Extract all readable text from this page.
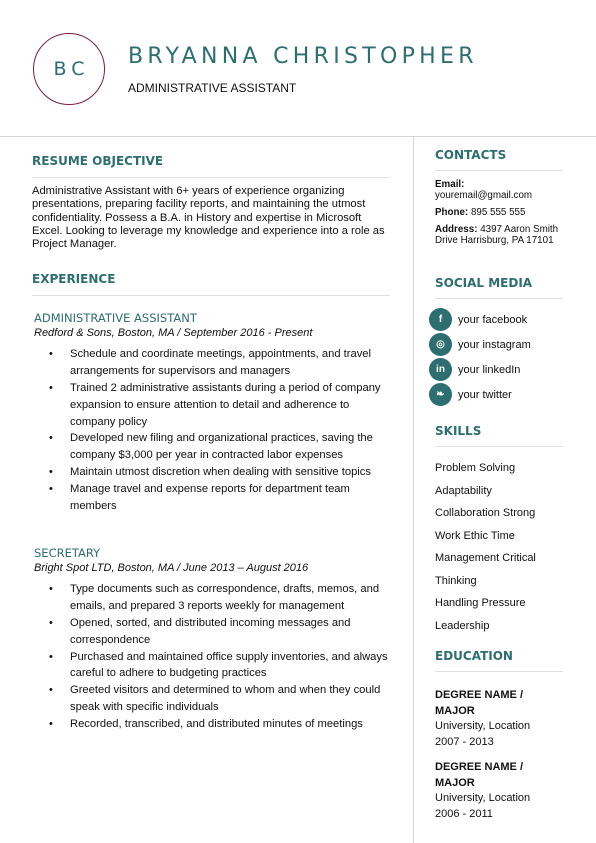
BC BRYANNA CHRISTOPHER
ADMINISTRATIVE ASSISTANT
RESUME OBJECTIVE

Administrative Assistant with 6+ years of experience organizing presentations, preparing facility reports, and maintaining the utmost confidentiality. Possess a B.A. in History and expertise in Microsoft Excel. Looking to leverage my knowledge and experience into a role as Project Manager.

EXPERIENCE
ADMINISTRATIVE ASSISTANT
Redford & Sons, Boston, MA / September 2016 - Present
• Schedule and coordinate meetings, appointments, and travel arrangements for supervisors and managers
• Trained 2 administrative assistants during a period of company expansion to ensure attention to detail and adherence to company policy
• Developed new filing and organizational practices, saving the company $3,000 per year in contracted labor expenses
• Maintain utmost discretion when dealing with sensitive topics
• Manage travel and expense reports for department team members
SECRETARY
Bright Spot LTD, Boston, MA / June 2013 – August 2016
• Type documents such as correspondence, drafts, memos, and emails, and prepared 3 reports weekly for management
• Opened, sorted, and distributed incoming messages and correspondence
• Purchased and maintained office supply inventories, and always careful to adhere to budgeting practices
• Greeted visitors and determined to whom and when they could speak with specific individuals
• Recorded, transcribed, and distributed minutes of meetings
CONTACTS
Email: youremail@gmail.com
Phone: 895 555 555
Address: 4397 Aaron Smith Drive Harrisburg, PA 17101
SOCIAL MEDIA
f	your facebook
◎	your instagram
in	your linkedIn
❧	your twitter
SKILLS
Problem Solving
Adaptability
Collaboration Strong
Work Ethic Time
Management Critical
Thinking
Handling Pressure
Leadership
EDUCATION
DEGREE NAME / MAJOR
University, Location
2007 - 2013
DEGREE NAME / MAJOR
University, Location
2006 - 2011
